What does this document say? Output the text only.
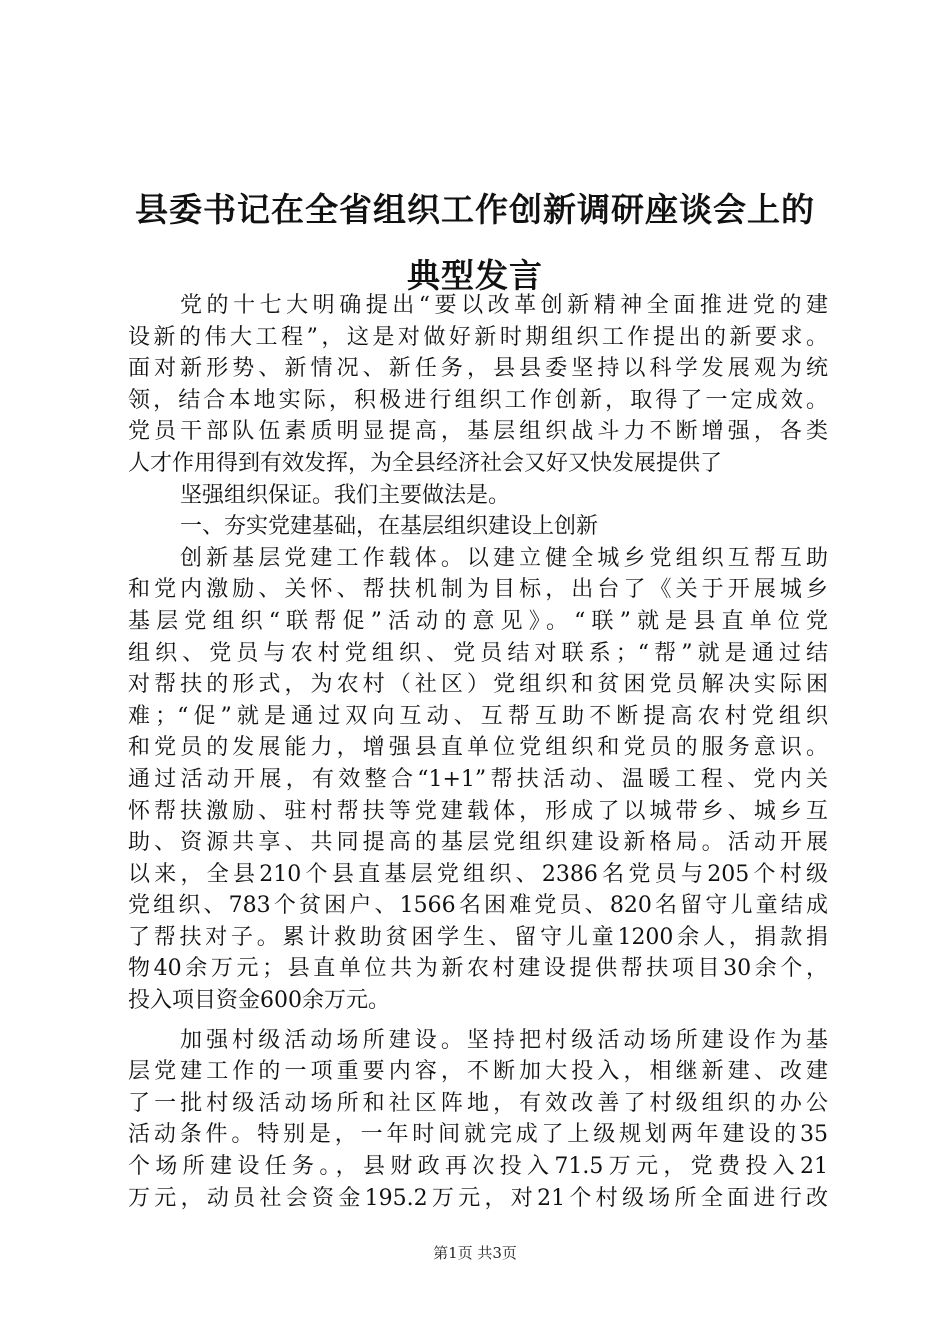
县委书记在全省组织工作创新调研座谈会上的
典型发言
党的十七大明确提出“要以改革创新精神全面推进党的建
设新的伟大工程”，这是对做好新时期组织工作提出的新要求。
面对新形势、新情况、新任务，县县委坚持以科学发展观为统
领，结合本地实际，积极进行组织工作创新，取得了一定成效。
党员干部队伍素质明显提高，基层组织战斗力不断增强，各类
人才作用得到有效发挥，为全县经济社会又好又快发展提供了
坚强组织保证。我们主要做法是。
一、夯实党建基础，在基层组织建设上创新
创新基层党建工作载体。以建立健全城乡党组织互帮互助
和党内激励、关怀、帮扶机制为目标，出台了《关于开展城乡
基层党组织“联帮促”活动的意见》。“联”就是县直单位党
组织、党员与农村党组织、党员结对联系；“帮”就是通过结
对帮扶的形式，为农村（社区）党组织和贫困党员解决实际困
难；“促”就是通过双向互动、互帮互助不断提高农村党组织
和党员的发展能力，增强县直单位党组织和党员的服务意识。
通过活动开展，有效整合“1+1”帮扶活动、温暖工程、党内关
怀帮扶激励、驻村帮扶等党建载体，形成了以城带乡、城乡互
助、资源共享、共同提高的基层党组织建设新格局。活动开展
以来，全县210个县直基层党组织、2386名党员与205个村级
党组织、783个贫困户、1566名困难党员、820名留守儿童结成
了帮扶对子。累计救助贫困学生、留守儿童1200余人，捐款捐
物40余万元；县直单位共为新农村建设提供帮扶项目30余个，
投入项目资金600余万元。
加强村级活动场所建设。坚持把村级活动场所建设作为基
层党建工作的一项重要内容，不断加大投入，相继新建、改建
了一批村级活动场所和社区阵地，有效改善了村级组织的办公
活动条件。特别是，一年时间就完成了上级规划两年建设的35
个场所建设任务。，县财政再次投入71.5万元，党费投入21
万元，动员社会资金195.2万元，对21个村级场所全面进行改
第1页 共3页
